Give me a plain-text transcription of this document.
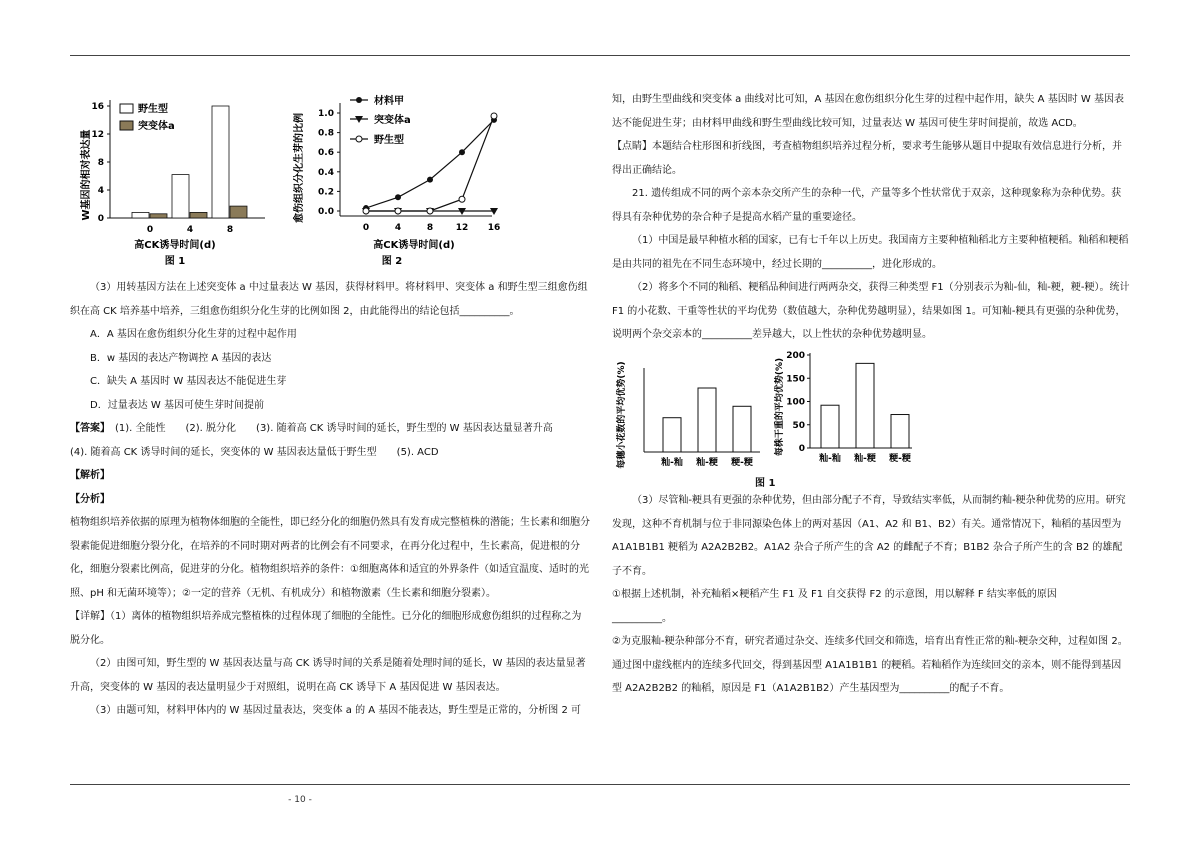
W基因的相对表达量
16
12
8
4
0
0	4	8
野生型
突变体a
高CK诱导时间(d)
图 1
愈伤组织分化生芽的比例 1.0
0.8
0.6
0.4
0.2
0.0
0	4	8	12 16
材料甲
突变体a
野生型
高CK诱导时间(d)
图 2

（3）用转基因方法在上述突变体 a 中过量表达 W 基因，获得材料甲。将材料甲、突变体 a 和野生型三组愈伤组织在高 CK 培养基中培养，三组愈伤组织分化生芽的比例如图 2，由此能得出的结论包括__________。

A．A 基因在愈伤组织分化生芽的过程中起作用

B．w 基因的表达产物调控 A 基因的表达

C．缺失 A 基因时 W 基因表达不能促进生芽

D．过量表达 W 基因可使生芽时间提前

【答案】　 (1). 全能性　　(2). 脱分化　　(3). 随着高 CK 诱导时间的延长，野生型的 W 基因表达量显著升高

(4). 随着高 CK 诱导时间的延长，突变体的 W 基因表达量低于野生型　　(5). ACD

【解析】

【分析】

植物组织培养依据的原理为植物体细胞的全能性，即已经分化的细胞仍然具有发育成完整植株的潜能；生长素和细胞分裂素能促进细胞分裂分化，在培养的不同时期对两者的比例会有不同要求，在再分化过程中，生长素高，促进根的分化，细胞分裂素比例高，促进芽的分化。植物组织培养的条件：①细胞离体和适宜的外界条件（如适宜温度、适时的光照、pH 和无菌环境等）；②一定的营养（无机、有机成分）和植物激素（生长素和细胞分裂素）。

【详解】（1）离体的植物组织培养成完整植株的过程体现了细胞的全能性。已分化的细胞形成愈伤组织的过程称之为脱分化。

（2）由图可知，野生型的 W 基因表达量与高 CK 诱导时间的关系是随着处理时间的延长，W 基因的表达量显著升高，突变体的 W 基因的表达量明显少于对照组，说明在高 CK 诱导下 A 基因促进 W 基因表达。

（3）由题可知，材料甲体内的 W 基因过量表达，突变体 a 的 A 基因不能表达，野生型是正常的，分析图 2 可

知，由野生型曲线和突变体 a 曲线对比可知，A 基因在愈伤组织分化生芽的过程中起作用，缺失 A 基因时 W 基因表达不能促进生芽；由材料甲曲线和野生型曲线比较可知，过量表达 W 基因可使生芽时间提前，故选 ACD。

【点睛】本题结合柱形图和折线图，考查植物组织培养过程分析，要求考生能够从题目中提取有效信息进行分析，并得出正确结论。

21. 遗传组成不同的两个亲本杂交所产生的杂种一代，产量等多个性状常优于双亲，这种现象称为杂种优势。获得具有杂种优势的杂合种子是提高水稻产量的重要途径。

（1）中国是最早种植水稻的国家，已有七千年以上历史。我国南方主要种植籼稻北方主要种植粳稻。籼稻和粳稻是由共同的祖先在不同生态环境中，经过长期的__________，进化形成的。

（2）将多个不同的籼稻、粳稻品种间进行两两杂交，获得三种类型 F1（分别表示为籼-仙，籼-粳，粳-粳）。统计 F1 的小花数、干重等性状的平均优势（数值越大，杂种优势越明显），结果如图 1。可知籼-粳具有更强的杂种优势，说明两个杂交亲本的__________差异越大，以上性状的杂种优势越明显。

每穗小花数的平均优势(%)	籼-籼 籼-粳 粳-粳
每株干重的平均优势(%)
200
150
100
50
0
籼-籼 籼-粳 粳-粳
图 1

（3）尽管籼-粳具有更强的杂种优势，但由部分配子不育，导致结实率低，从而制约籼-粳杂种优势的应用。研究发现，这种不育机制与位于非同源染色体上的两对基因（A1、A2 和 B1、B2）有关。通常情况下，籼稻的基因型为 A1A1B1B1 粳稻为 A2A2B2B2。A1A2 杂合子所产生的含 A2 的雌配子不育；B1B2 杂合子所产生的含 B2 的雄配子不育。

①根据上述机制，补充籼稻×粳稻产生 F1 及 F1 自交获得 F2 的示意图，用以解释 F 结实率低的原因
__________。

②为克服籼-粳杂种部分不育，研究者通过杂交、连续多代回交和筛选，培育出育性正常的籼-粳杂交种，过程如图 2。通过图中虚线框内的连续多代回交，得到基因型 A1A1B1B1 的粳稻。若籼稻作为连续回交的亲本，则不能得到基因型 A2A2B2B2 的籼稻，原因是 F1（A1A2B1B2）产生基因型为__________的配子不育。

- 10 -
